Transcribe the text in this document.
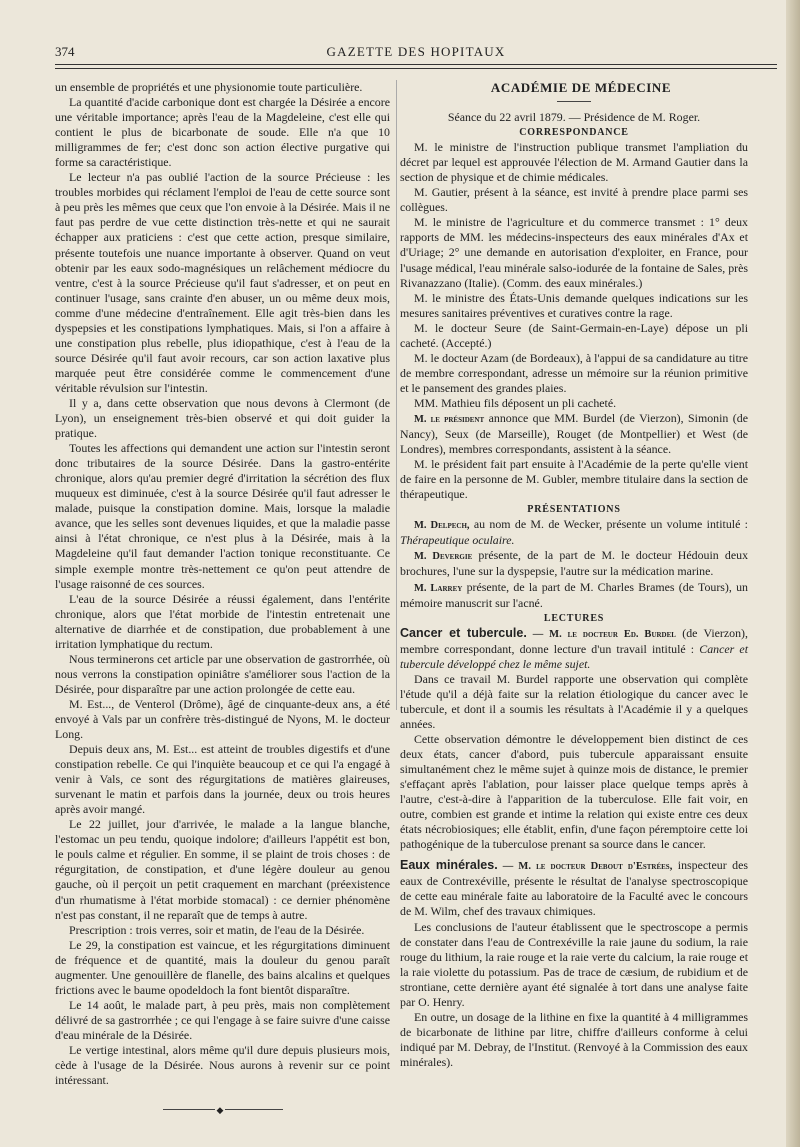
374	GAZETTE DES HOPITAUX

un ensemble de propriétés et une physionomie toute particulière.

La quantité d'acide carbonique dont est chargée la Désirée a encore une véritable importance; après l'eau de la Magdeleine, c'est elle qui contient le plus de bicarbonate de soude. Elle n'a que 10 milligrammes de fer; c'est donc son action élective purgative qui forme sa caractéristique.

Le lecteur n'a pas oublié l'action de la source Précieuse : les troubles morbides qui réclament l'emploi de l'eau de cette source sont à peu près les mêmes que ceux que l'on envoie à la Désirée. Mais il ne faut pas perdre de vue cette distinction très-nette et qui ne saurait échapper aux praticiens : c'est que cette action, presque similaire, présente toutefois une nuance importante à observer. Quand on veut obtenir par les eaux sodo-magnésiques un relâchement médiocre du ventre, c'est à la source Précieuse qu'il faut s'adresser, et on peut en continuer l'usage, sans crainte d'en abuser, un ou même deux mois, comme d'une médecine d'entraînement. Elle agit très-bien dans les dyspepsies et les constipations lymphatiques. Mais, si l'on a affaire à une constipation plus rebelle, plus idiopathique, c'est à l'eau de la source Désirée qu'il faut avoir recours, car son action laxative plus marquée peut être considérée comme le commencement d'une véritable révulsion sur l'intestin.

Il y a, dans cette observation que nous devons à Clermont (de Lyon), un enseignement très-bien observé et qui doit guider la pratique.

Toutes les affections qui demandent une action sur l'intestin seront donc tributaires de la source Désirée. Dans la gastro-entérite chronique, alors qu'au premier degré d'irritation la sécrétion des flux muqueux est diminuée, c'est à la source Désirée qu'il faut adresser le malade, puisque la constipation domine. Mais, lorsque la maladie avance, que les selles sont devenues liquides, et que la maladie passe ainsi à l'état chronique, ce n'est plus à la Désirée, mais à la Magdeleine qu'il faut demander l'action tonique reconstituante. Ce simple exemple montre très-nettement ce qu'on peut attendre de l'usage raisonné de ces sources.

L'eau de la source Désirée a réussi également, dans l'entérite chronique, alors que l'état morbide de l'intestin entretenait une alternative de diarrhée et de constipation, due probablement à une irritation lymphatique du rectum.

Nous terminerons cet article par une observation de gastrorrhée, où nous verrons la constipation opiniâtre s'améliorer sous l'action de la Désirée, pour disparaître par une action prolongée de cette eau.

M. Est..., de Venterol (Drôme), âgé de cinquante-deux ans, a été envoyé à Vals par un confrère très-distingué de Nyons, M. le docteur Long.

Depuis deux ans, M. Est... est atteint de troubles digestifs et d'une constipation rebelle. Ce qui l'inquiète beaucoup et ce qui l'a engagé à venir à Vals, ce sont des régurgitations de matières glaireuses, survenant le matin et parfois dans la journée, deux ou trois heures après avoir mangé.

Le 22 juillet, jour d'arrivée, le malade a la langue blanche, l'estomac un peu tendu, quoique indolore; d'ailleurs l'appétit est bon, le pouls calme et régulier. En somme, il se plaint de trois choses : de régurgitation, de constipation, et d'une légère douleur au genou gauche, où il perçoit un petit craquement en marchant (préexistence d'un rhumatisme à l'état morbide stomacal) : ce dernier phénomène n'est pas constant, il ne reparaît que de temps à autre.

Prescription : trois verres, soir et matin, de l'eau de la Désirée.

Le 29, la constipation est vaincue, et les régurgitations diminuent de fréquence et de quantité, mais la douleur du genou paraît augmenter. Une genouillère de flanelle, des bains alcalins et quelques frictions avec le baume opodeldoch la font bientôt disparaître.

Le 14 août, le malade part, à peu près, mais non complètement délivré de sa gastrorrhée ; ce qui l'engage à se faire suivre d'une caisse d'eau minérale de la Désirée.

Le vertige intestinal, alors même qu'il dure depuis plusieurs mois, cède à l'usage de la Désirée. Nous aurons à revenir sur ce point intéressant.

◆

ACADÉMIE DE MÉDECINE

Séance du 22 avril 1879. — Présidence de M. Roger.

CORRESPONDANCE

M. le ministre de l'instruction publique transmet l'ampliation du décret par lequel est approuvée l'élection de M. Armand Gautier dans la section de physique et de chimie médicales.

M. Gautier, présent à la séance, est invité à prendre place parmi ses collègues.

M. le ministre de l'agriculture et du commerce transmet : 1° deux rapports de MM. les médecins-inspecteurs des eaux minérales d'Ax et d'Uriage; 2° une demande en autorisation d'exploiter, en France, pour l'usage médical, l'eau minérale salso-iodurée de la fontaine de Sales, près Rivanazzano (Italie). (Comm. des eaux minérales.)

M. le ministre des États-Unis demande quelques indications sur les mesures sanitaires préventives et curatives contre la rage.

M. le docteur Seure (de Saint-Germain-en-Laye) dépose un pli cacheté. (Accepté.)

M. le docteur Azam (de Bordeaux), à l'appui de sa candidature au titre de membre correspondant, adresse un mémoire sur la réunion primitive et le pansement des grandes plaies.

MM. Mathieu fils déposent un pli cacheté.

M. le président annonce que MM. Burdel (de Vierzon), Simonin (de Nancy), Seux (de Marseille), Rouget (de Montpellier) et West (de Londres), membres correspondants, assistent à la séance.

M. le président fait part ensuite à l'Académie de la perte qu'elle vient de faire en la personne de M. Gubler, membre titulaire dans la section de thérapeutique.

PRÉSENTATIONS

M. Delpech, au nom de M. de Wecker, présente un volume intitulé : Thérapeutique oculaire.

M. Devergie présente, de la part de M. le docteur Hédouin deux brochures, l'une sur la dyspepsie, l'autre sur la médication marine.

M. Larrey présente, de la part de M. Charles Brames (de Tours), un mémoire manuscrit sur l'acné.

LECTURES

Cancer et tubercule. — M. le docteur Ed. Burdel (de Vierzon), membre correspondant, donne lecture d'un travail intitulé : Cancer et tubercule développé chez le même sujet.

Dans ce travail M. Burdel rapporte une observation qui complète l'étude qu'il a déjà faite sur la relation étiologique du cancer avec le tubercule, et dont il a soumis les résultats à l'Académie il y a quelques années.

Cette observation démontre le développement bien distinct de ces deux états, cancer d'abord, puis tubercule apparaissant ensuite simultanément chez le même sujet à quinze mois de distance, le premier s'effaçant après l'ablation, pour laisser place quelque temps après à l'autre, c'est-à-dire à l'apparition de la tuberculose. Elle fait voir, en outre, combien est grande et intime la relation qui existe entre ces deux états nécrobiosiques; elle établit, enfin, d'une façon péremptoire cette loi pathogénique de la tuberculose prenant sa source dans le cancer.

Eaux minérales. — M. le docteur Debout d'Estrées, inspecteur des eaux de Contrexéville, présente le résultat de l'analyse spectroscopique de cette eau minérale faite au laboratoire de la Faculté avec le concours de M. Wilm, chef des travaux chimiques.

Les conclusions de l'auteur établissent que le spectroscope a permis de constater dans l'eau de Contrexéville la raie jaune du sodium, la raie rouge du lithium, la raie rouge et la raie verte du calcium, la raie rouge et la raie violette du potassium. Pas de trace de cæsium, de rubidium et de strontiane, cette dernière ayant été signalée à tort dans une analyse faite par O. Henry.

En outre, un dosage de la lithine en fixe la quantité à 4 milligrammes de bicarbonate de lithine par litre, chiffre d'ailleurs conforme à celui indiqué par M. Debray, de l'Institut. (Renvoyé à la Commission des eaux minérales).
